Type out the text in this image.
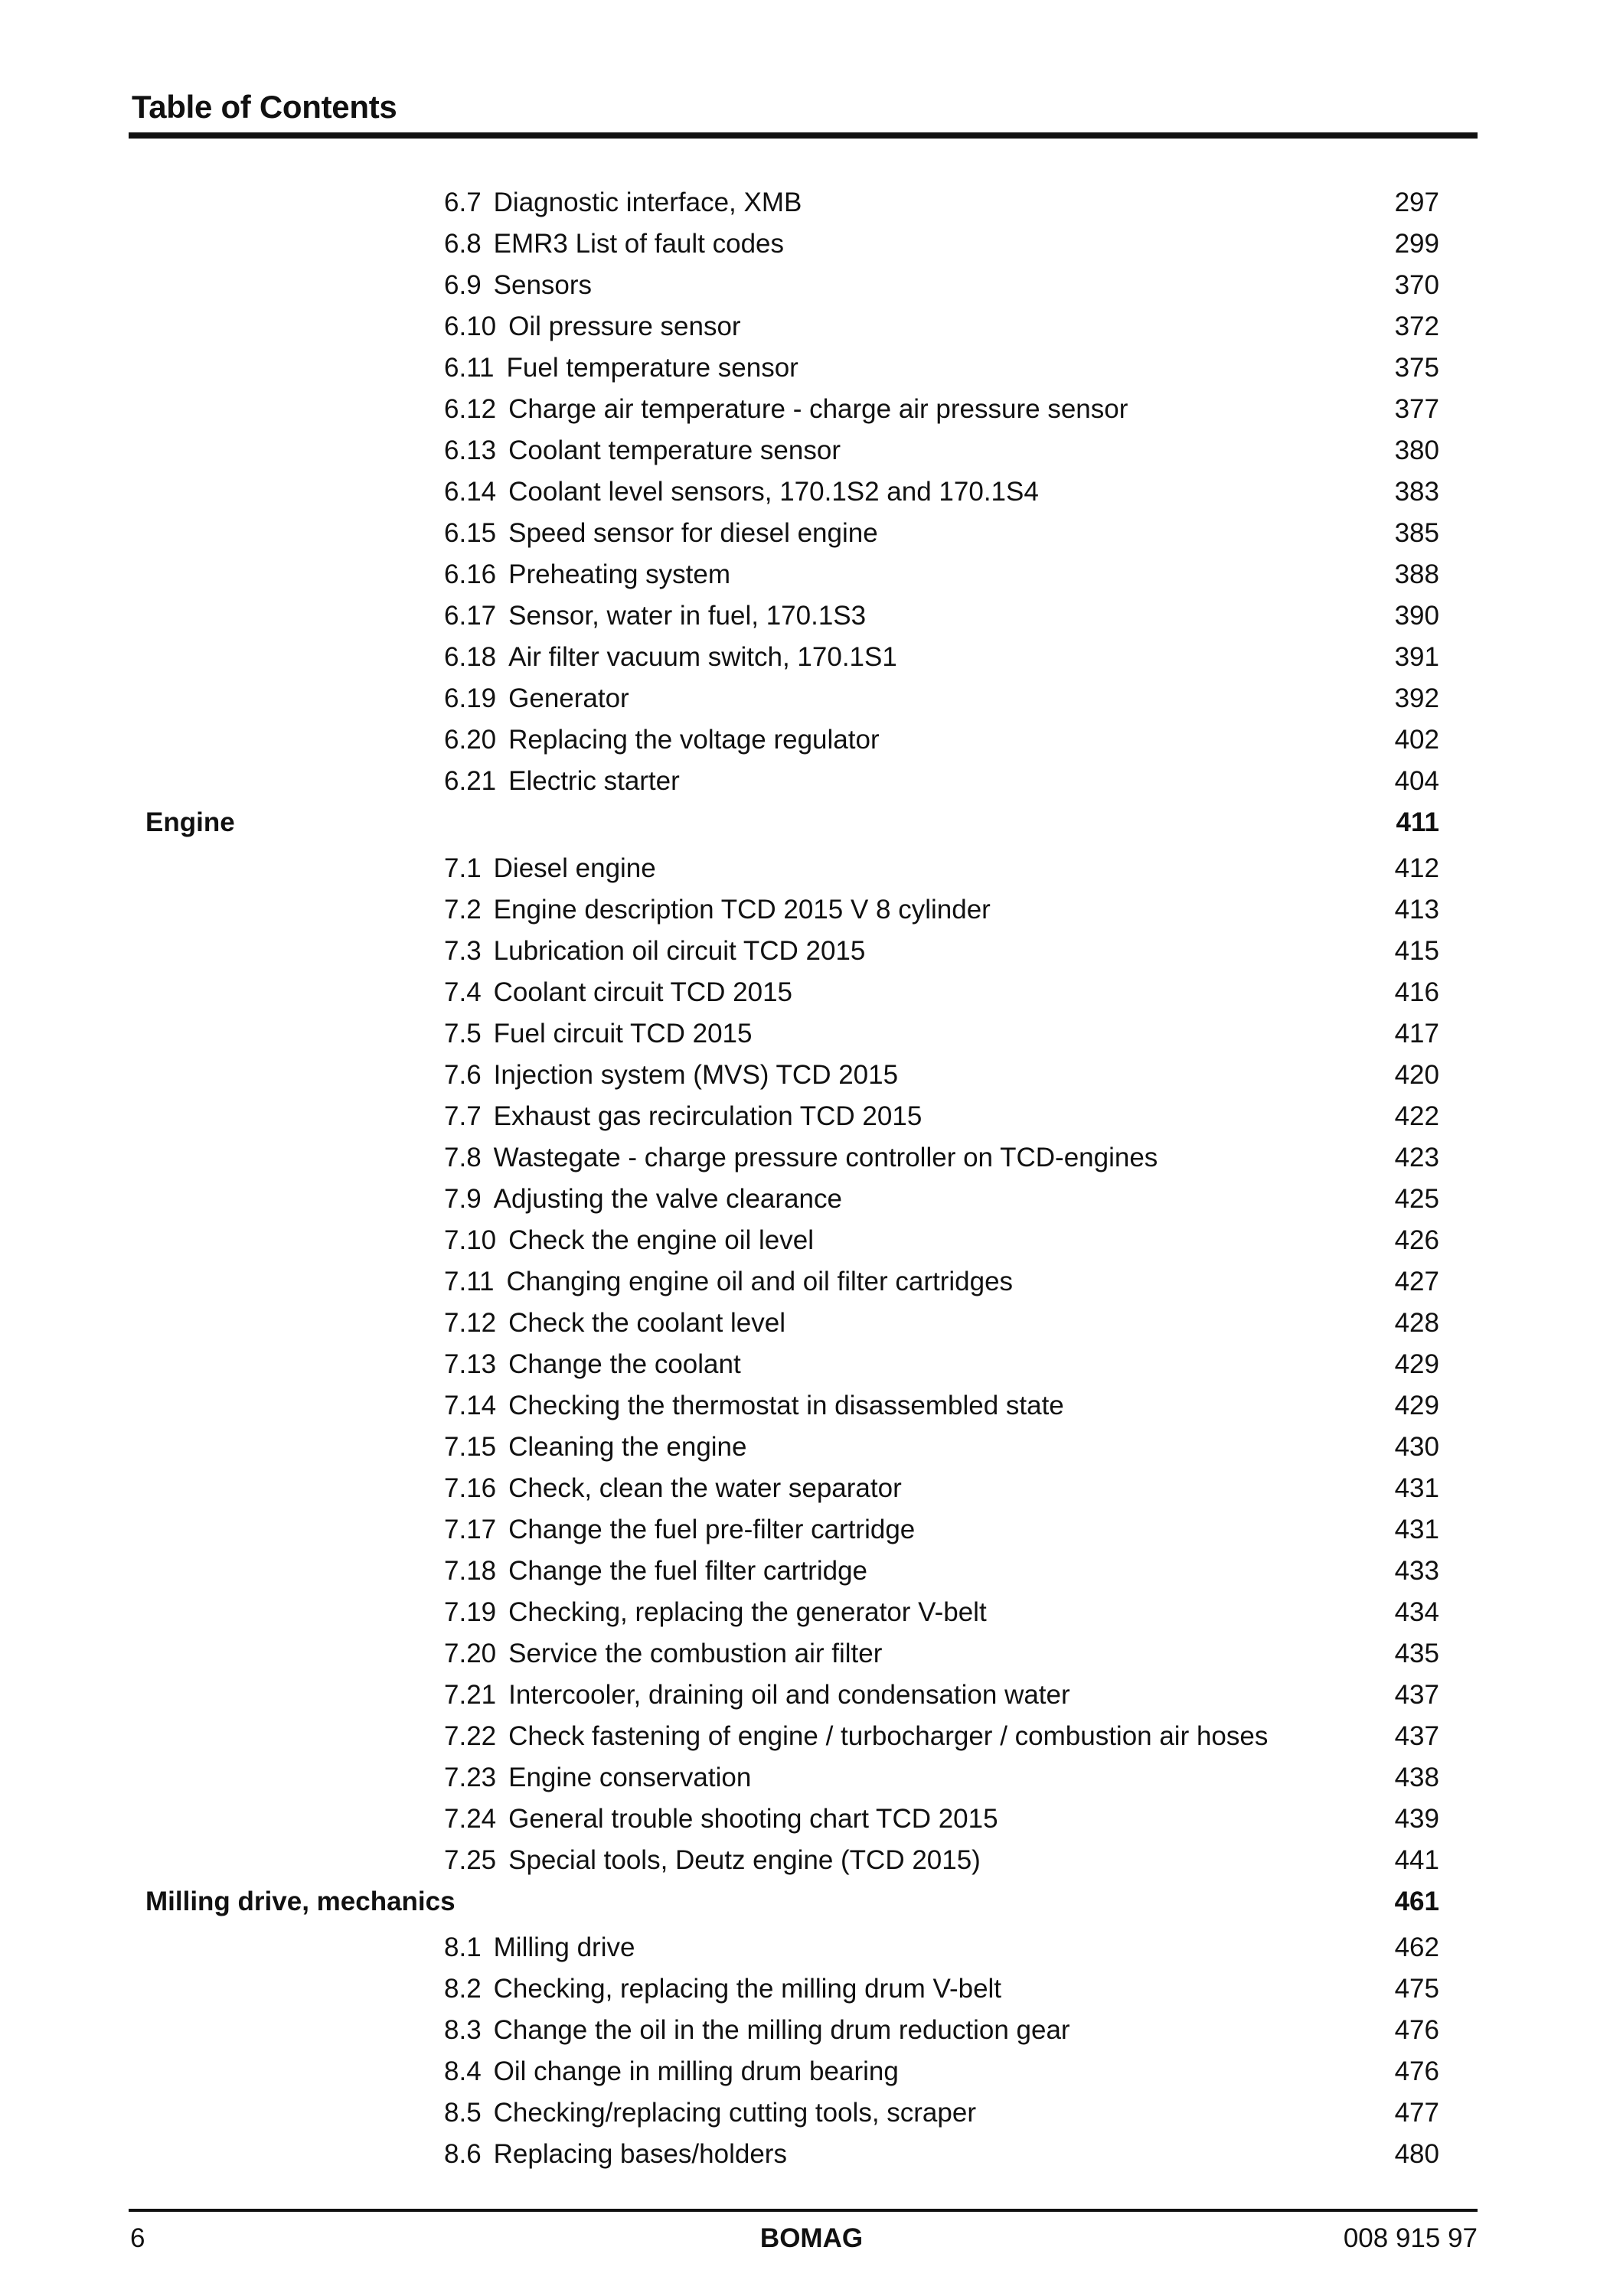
Table of Contents
6.7 Diagnostic interface, XMB	297
6.8 EMR3 List of fault codes	299
6.9 Sensors	370
6.10 Oil pressure sensor	372
6.11 Fuel temperature sensor	375
6.12 Charge air temperature - charge air pressure sensor	377
6.13 Coolant temperature sensor	380
6.14 Coolant level sensors, 170.1S2 and 170.1S4	383
6.15 Speed sensor for diesel engine	385
6.16 Preheating system	388
6.17 Sensor, water in fuel, 170.1S3	390
6.18 Air filter vacuum switch, 170.1S1	391
6.19 Generator	392
6.20 Replacing the voltage regulator	402
6.21 Electric starter	404
Engine	411
7.1 Diesel engine	412
7.2 Engine description TCD 2015 V 8 cylinder	413
7.3 Lubrication oil circuit TCD 2015	415
7.4 Coolant circuit TCD 2015	416
7.5 Fuel circuit TCD 2015	417
7.6 Injection system (MVS) TCD 2015	420
7.7 Exhaust gas recirculation TCD 2015	422
7.8 Wastegate - charge pressure controller on TCD-engines	423
7.9 Adjusting the valve clearance	425
7.10 Check the engine oil level	426
7.11 Changing engine oil and oil filter cartridges	427
7.12 Check the coolant level	428
7.13 Change the coolant	429
7.14 Checking the thermostat in disassembled state	429
7.15 Cleaning the engine	430
7.16 Check, clean the water separator	431
7.17 Change the fuel pre-filter cartridge	431
7.18 Change the fuel filter cartridge	433
7.19 Checking, replacing the generator V-belt	434
7.20 Service the combustion air filter	435
7.21 Intercooler, draining oil and condensation water	437
7.22 Check fastening of engine / turbocharger / combustion air hoses	437
7.23 Engine conservation	438
7.24 General trouble shooting chart TCD 2015	439
7.25 Special tools, Deutz engine (TCD 2015)	441
Milling drive, mechanics	461
8.1 Milling drive	462
8.2 Checking, replacing the milling drum V-belt	475
8.3 Change the oil in the milling drum reduction gear	476
8.4 Oil change in milling drum bearing	476
8.5 Checking/replacing cutting tools, scraper	477
8.6 Replacing bases/holders	480
6	BOMAG	008 915 97
